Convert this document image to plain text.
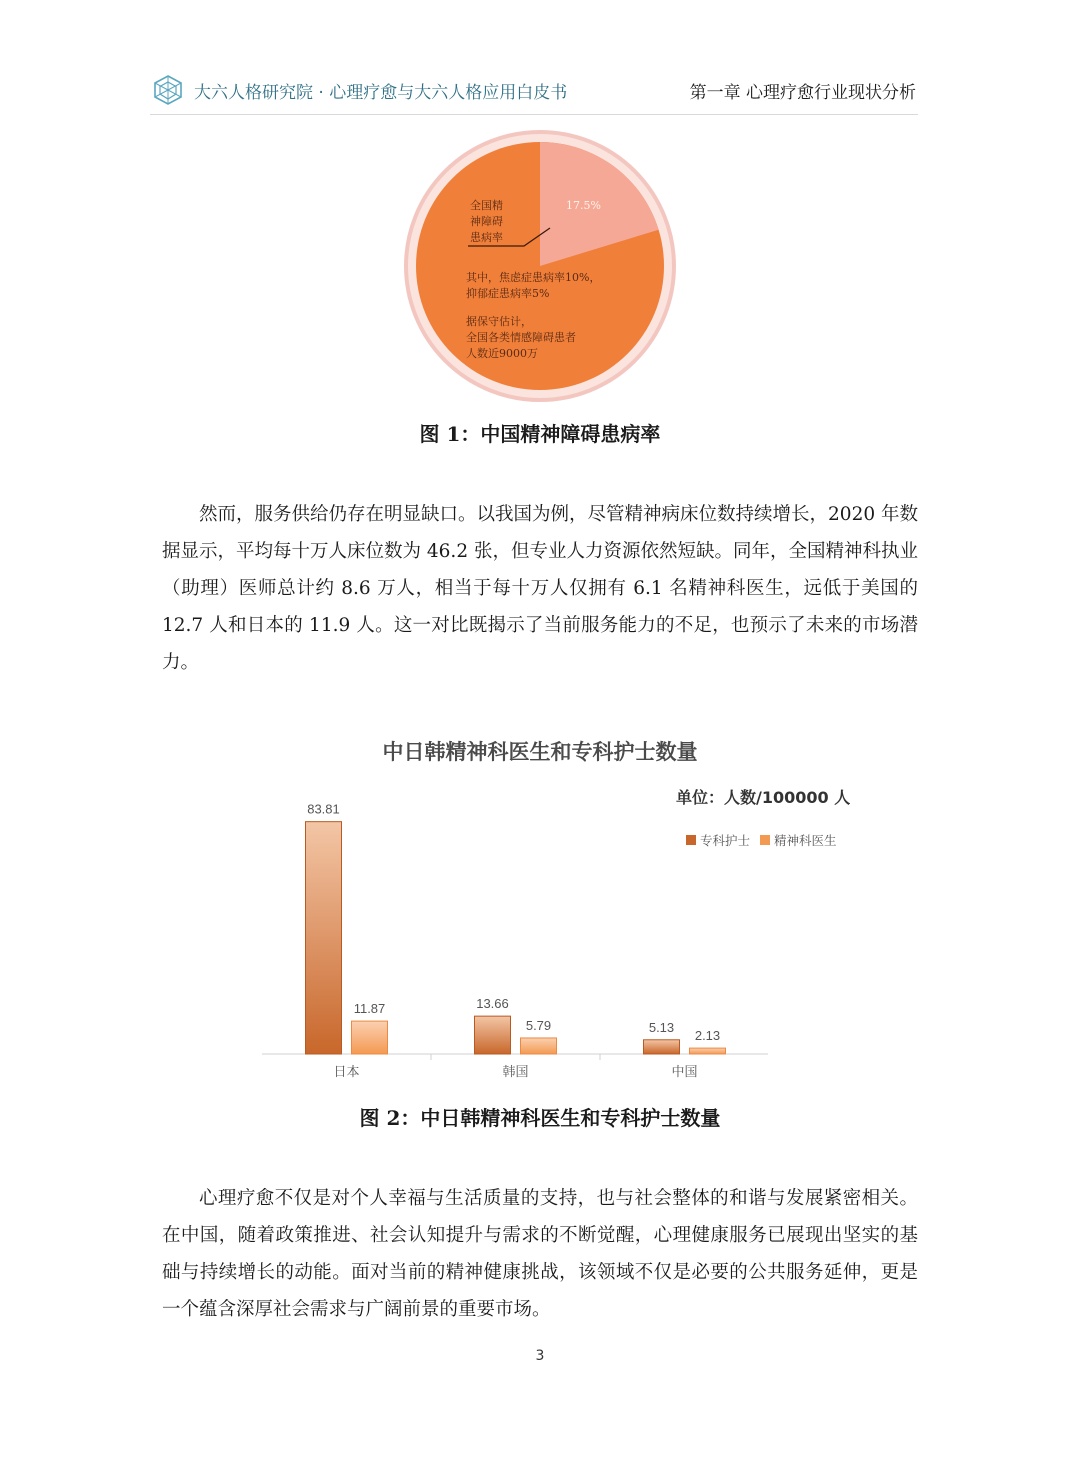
大六人格研究院 · 心理疗愈与大六人格应用白皮书	第一章 心理疗愈行业现状分析
全国精
神障碍
患病率
17.5%
其中，焦虑症患病率10%，
抑郁症患病率5%
据保守估计，
全国各类情感障碍患者
人数近9000万
图 1：中国精神障碍患病率

然而，服务供给仍存在明显缺口。以我国为例，尽管精神病床位数持续增长，2020 年数据显示，平均每十万人床位数为 46.2 张，但专业人力资源依然短缺。同年，全国精神科执业（助理）医师总计约 8.6 万人，相当于每十万人仅拥有 6.1 名精神科医生，远低于美国的 12.7 人和日本的 11.9 人。这一对比既揭示了当前服务能力的不足，也预示了未来的市场潜力。

中日韩精神科医生和专科护士数量
单位：人数/100000 人
专科护士 精神科医生
83.81
11.87
日本
13.66
5.79
韩国
5.13
2.13
中国
图 2：中日韩精神科医生和专科护士数量

心理疗愈不仅是对个人幸福与生活质量的支持，也与社会整体的和谐与发展紧密相关。在中国，随着政策推进、社会认知提升与需求的不断觉醒，心理健康服务已展现出坚实的基础与持续增长的动能。面对当前的精神健康挑战，该领域不仅是必要的公共服务延伸，更是一个蕴含深厚社会需求与广阔前景的重要市场。

3
